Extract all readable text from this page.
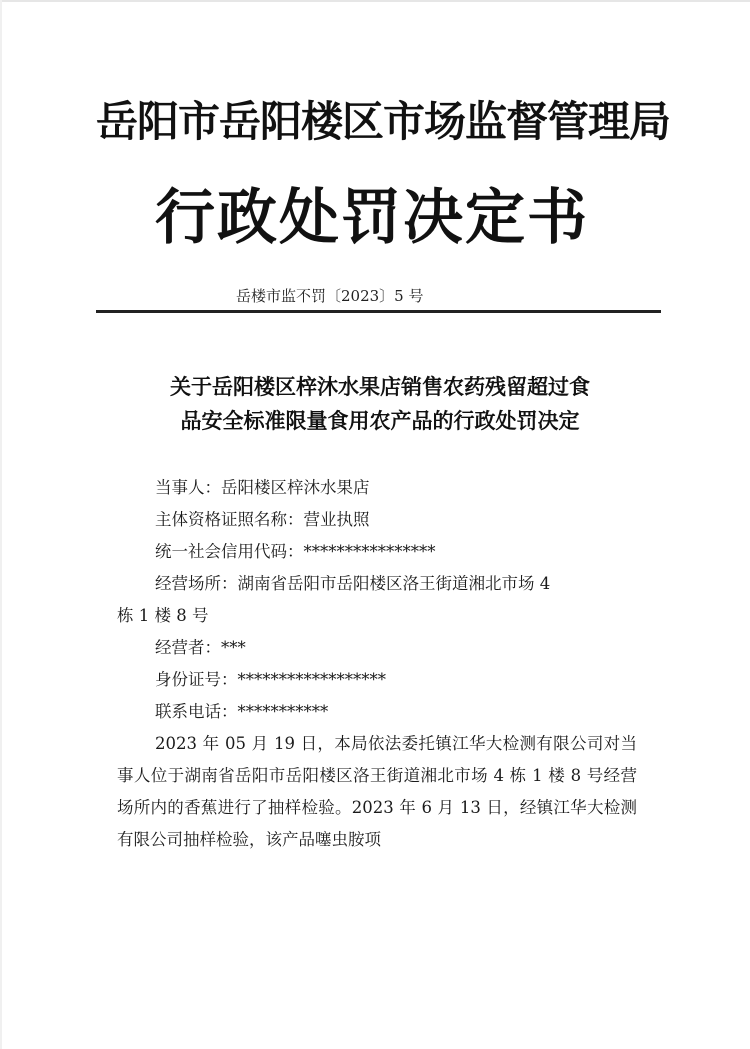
岳阳市岳阳楼区市场监督管理局
行政处罚决定书
岳楼市监不罚〔2023〕5 号
关于岳阳楼区梓沐水果店销售农药残留超过食
品安全标准限量食用农产品的行政处罚决定
当事人：岳阳楼区梓沐水果店
主体资格证照名称：营业执照
统一社会信用代码：****************
经营场所：湖南省岳阳市岳阳楼区洛王街道湘北市场 4
栋 1 楼 8 号
经营者：***
身份证号：******************
联系电话：***********
2023 年 05 月 19 日，本局依法委托镇江华大检测有限公司对当事人位于湖南省岳阳市岳阳楼区洛王街道湘北市场 4 栋 1 楼 8 号经营场所内的香蕉进行了抽样检验。2023 年 6 月 13 日，经镇江华大检测有限公司抽样检验，该产品噻虫胺项
